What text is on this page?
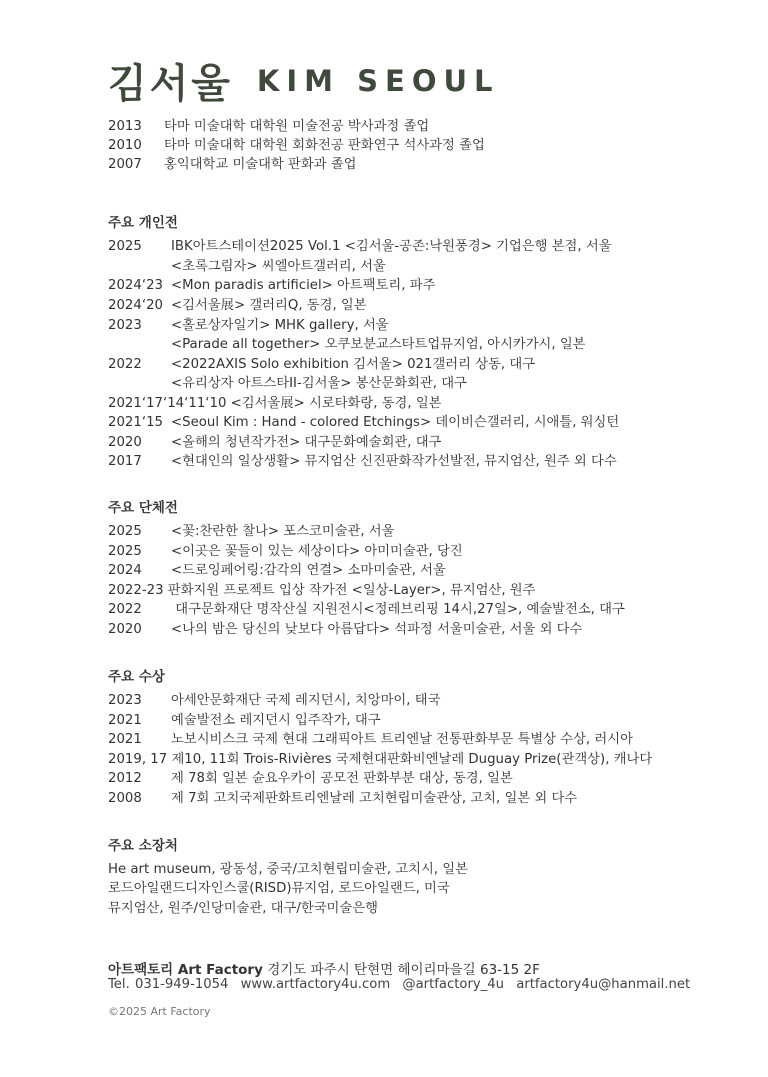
김서울 KIM SEOUL
2013 타마 미술대학 대학원 미술전공 박사과정 졸업
2010 타마 미술대학 대학원 회화전공 판화연구 석사과정 졸업
2007 홍익대학교 미술대학 판화과 졸업
주요 개인전
2025 IBK아트스테이션2025 Vol.1 <김서울-공존:낙원풍경> 기업은행 본점, 서울
<초록그림자> 씨엘아트갤러리, 서울
2024‘23 <Mon paradis artificiel> 아트팩토리, 파주
2024‘20 <김서울展> 갤러리Q, 동경, 일본
2023 <홀로상자일기> MHK gallery, 서울
<Parade all together> 오쿠보분교스타트업뮤지엄, 아시카가시, 일본
2022 <2022AXIS Solo exhibition 김서울> 021갤러리 상동, 대구
<유리상자 아트스타II-김서울> 봉산문화회관, 대구
2021‘17‘14‘11‘10 <김서울展> 시로타화랑, 동경, 일본
2021‘15 <Seoul Kim : Hand - colored Etchings> 데이비슨갤러리, 시애틀, 워싱턴
2020 <올해의 청년작가전> 대구문화예술회관, 대구
2017 <현대인의 일상생활> 뮤지엄산 신진판화작가선발전, 뮤지엄산, 원주 외 다수
주요 단체전
2025 <꽃:찬란한 찰나> 포스코미술관, 서울
2025 <이곳은 꽃들이 있는 세상이다> 아미미술관, 당진
2024 <드로잉페어링:감각의 연결> 소마미술관, 서울
2022-23 판화지원 프로젝트 입상 작가전 <일상-Layer>, 뮤지엄산, 원주
2022 대구문화재단 명작산실 지원전시<정레브리핑 14시,27일>, 예술발전소, 대구
2020 <나의 밤은 당신의 낮보다 아름답다> 석파정 서울미술관, 서울 외 다수
주요 수상
2023 아세안문화재단 국제 레지던시, 치앙마이, 태국
2021 예술발전소 레지던시 입주작가, 대구
2021 노보시비스크 국제 현대 그래픽아트 트리엔날 전통판화부문 특별상 수상, 러시아
2019, 17 제10, 11회 Trois-Rivières 국제현대판화비엔날레 Duguay Prize(관객상), 캐나다
2012 제 78회 일본 슌요우카이 공모전 판화부분 대상, 동경, 일본
2008 제 7회 고치국제판화트리엔날레 고치현립미술관상, 고치, 일본 외 다수
주요 소장처
He art museum, 광동성, 중국/고치현립미술관, 고치시, 일본
로드아일랜드디자인스쿨(RISD)뮤지엄, 로드아일랜드, 미국
뮤지엄산, 원주/인당미술관, 대구/한국미술은행
아트팩토리 Art Factory 경기도 파주시 탄현면 헤이리마을길 63-15 2F
Tel. 031-949-1054 www.artfactory4u.com @artfactory_4u artfactory4u@hanmail.net
©2025 Art Factory
